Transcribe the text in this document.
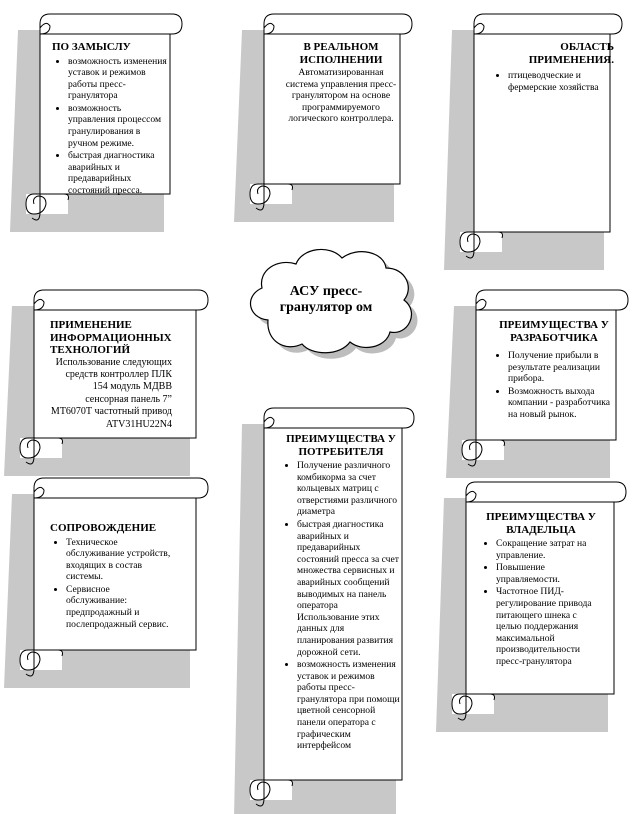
АСУ пресс-гранулятор ом
ПО ЗАМЫСЛУ
• возможность изменения уставок и режимов работы пресс-гранулятора
• возможность управления процессом гранулирования в ручном режиме.
• быстрая диагностика аварийных и предаварийных состояний пресса.
В РЕАЛЬНОМ ИСПОЛНЕНИИ
Автоматизированная система управления пресс-гранулятором на основе программируемого логического контроллера.
ОБЛАСТЬ ПРИМЕНЕНИЯ.
• птицеводческие и фермерские хозяйства
ПРИМЕНЕНИЕ ИНФОРМАЦИОННЫХ ТЕХНОЛОГИЙ
Использование следующих средств контроллер ПЛК 154 модуль МДВВ сенсорная панель 7” МТ6070Т частотный привод ATV31HU22N4
ПРЕИМУЩЕСТВА У РАЗРАБОТЧИКА
• Получение прибыли в результате реализации прибора.
• Возможность выхода компании - разработчика на новый рынок.
ПРЕИМУЩЕСТВА У ПОТРЕБИТЕЛЯ
• Получение различного комбикорма за счет кольцевых матриц с отверстиями различного диаметра
• быстрая диагностика аварийных и предаварийных состояний пресса за счет множества сервисных и аварийных сообщений выводимых на панель оператора Использование этих данных для планирования развития дорожной сети.
• возможность изменения уставок и режимов работы пресс-гранулятора при помощи цветной сенсорной панели оператора с графическим интерфейсом
СОПРОВОЖДЕНИЕ
• Техническое обслуживание устройств, входящих в состав системы.
• Сервисное обслуживание: предпродажный и послепродажный сервис.
ПРЕИМУЩЕСТВА У ВЛАДЕЛЬЦА
• Сокращение затрат на управление.
• Повышение управляемости.
• Частотное ПИД-регулирование привода питающего шнека с целью поддержания максимальной производительности пресс-гранулятора
